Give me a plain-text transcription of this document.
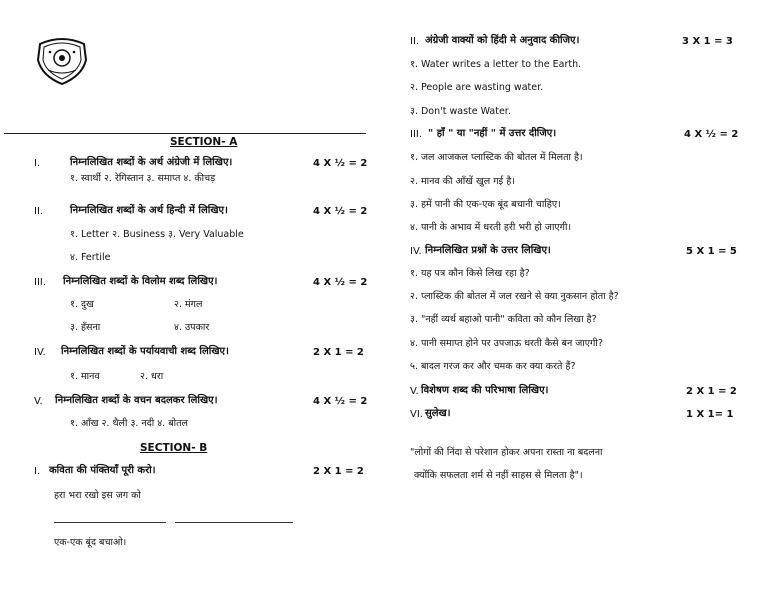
SECTION- A
I.	निम्नलिखित शब्दों के अर्थ अंग्रेजी में लिखिए।	4 X ½ = 2
१. स्वार्थी २. रेगिस्तान ३. समाप्त ४. कीचड़
II.	निम्नलिखित शब्दों के अर्थ हिन्दी में लिखिए।	4 X ½ = 2
१. Letter २. Business ३. Very Valuable
४. Fertile
III. निम्नलिखित शब्दों के विलोम शब्द लिखिए।	4 X ½ = 2
१. दुख	२. मंगल
३. हँसना	४. उपकार
IV. निम्नलिखित शब्दों के पर्यायवाची शब्द लिखिए।	2 X 1 = 2
१. मानव	२. धरा
V. निम्नलिखित शब्दों के वचन बदलकर लिखिए।	4 X ½ = 2
१. आँख २. थैली ३. नदी ४. बोतल
SECTION- B
I. कविता की पंक्तियाँ पूरी करो।	2 X 1 = 2
हरा भरा रखो इस जग को
एक-एक बूंद बचाओ।
II. अंग्रेजी वाक्यों को हिंदी मे अनुवाद कीजिए।	3 X 1 = 3
१. Water writes a letter to the Earth.
२. People are wasting water.
३. Don't waste Water.
III. " हाँ " या "नहीं " में उत्तर दीजिए।	4 X ½ = 2
१. जल आजकल प्लास्टिक की बोतल में मिलता है।
२. मानव की आँखें खुल गई है।
३. हमें पानी की एक-एक बूंद बचानी चाहिए।
४. पानी के अभाव में धरती हरी भरी हो जाएगी।
IV. निम्नलिखित प्रश्नों के उत्तर लिखिए।	5 X 1 = 5
१. यह पत्र कौन किसे लिख रहा है?
२. प्लास्टिक की बोतल में जल रखने से क्या नुकसान होता है?
३. "नहीं व्यर्थ बहाओ पानी" कविता को कौन लिखा है?
४. पानी समाप्त होने पर उपजाऊ धरती कैसे बन जाएगी?
५. बादल गरज कर और चमक कर क्या करते हैं?
V. विशेषण शब्द की परिभाषा लिखिए।	2 X 1 = 2
VI. सुलेख।	1 X 1= 1
"लोगों की निंदा से परेशान होकर अपना रास्ता ना बदलना
क्योंकि सफलता शर्म से नहीं साहस से मिलता है"।
